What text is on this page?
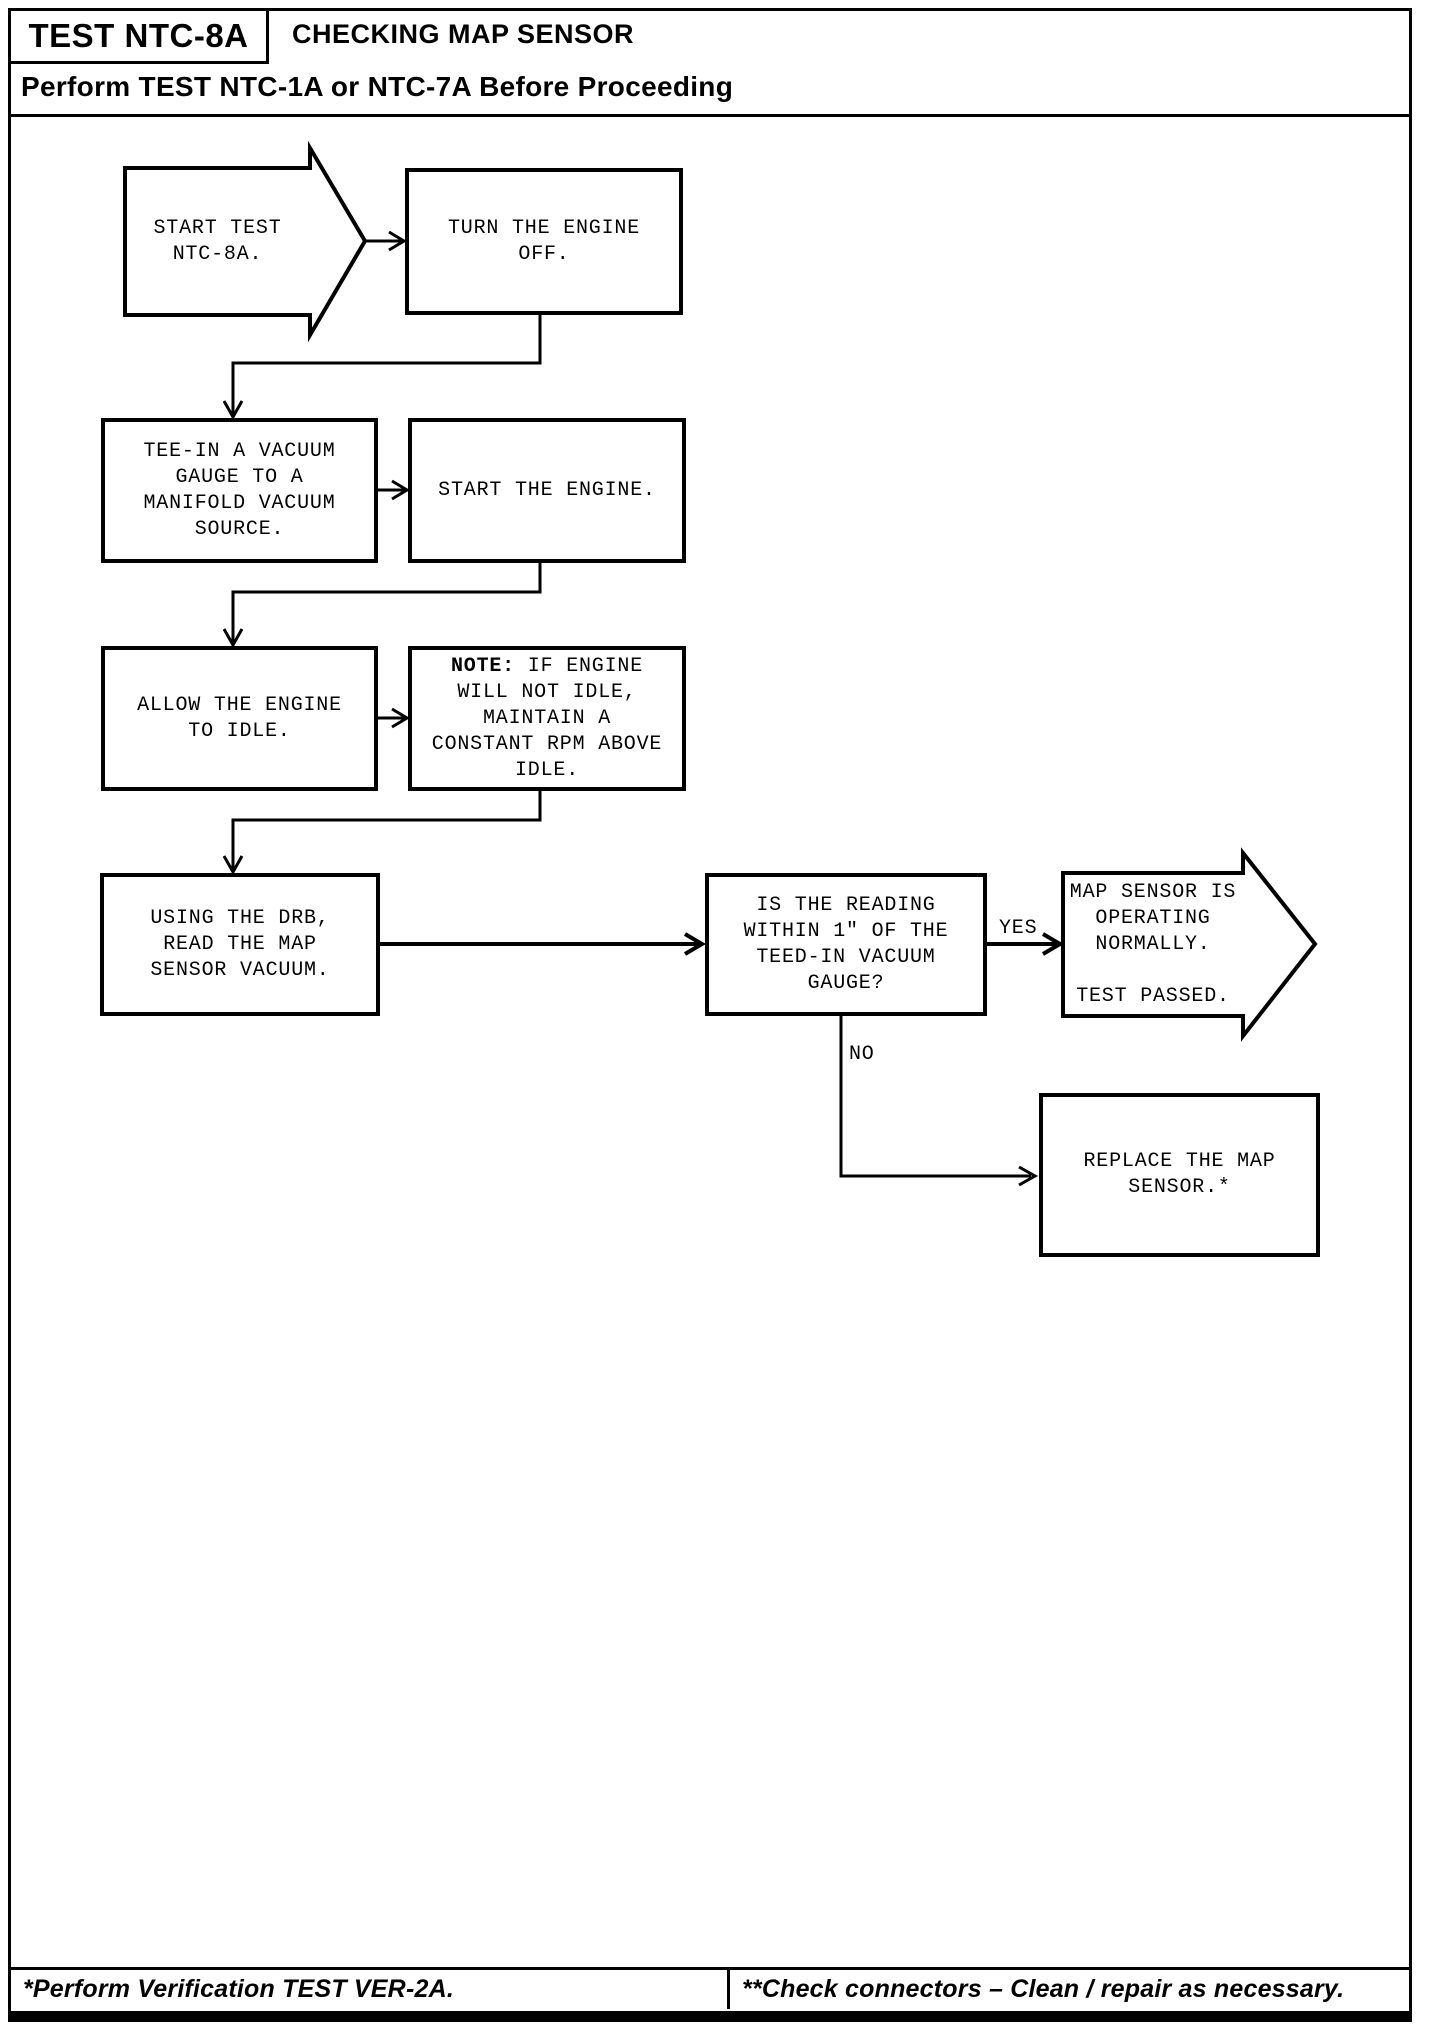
TEST NTC-8A CHECKING MAP SENSOR
Perform TEST NTC-1A or NTC-7A Before Proceeding
START TEST
NTC-8A.
TURN THE ENGINE
OFF.
TEE-IN A VACUUM
GAUGE TO A
MANIFOLD VACUUM
SOURCE.
START THE ENGINE.
ALLOW THE ENGINE
TO IDLE.
NOTE: IF ENGINE
WILL NOT IDLE,
MAINTAIN A
CONSTANT RPM ABOVE
IDLE.
USING THE DRB,
READ THE MAP
SENSOR VACUUM.
IS THE READING
WITHIN 1" OF THE
TEED-IN VACUUM
GAUGE?
YES
NO
MAP SENSOR IS
OPERATING
NORMALLY.
TEST PASSED.
REPLACE THE MAP
SENSOR.*
*Perform Verification TEST VER-2A.	**Check connectors – Clean / repair as necessary.
